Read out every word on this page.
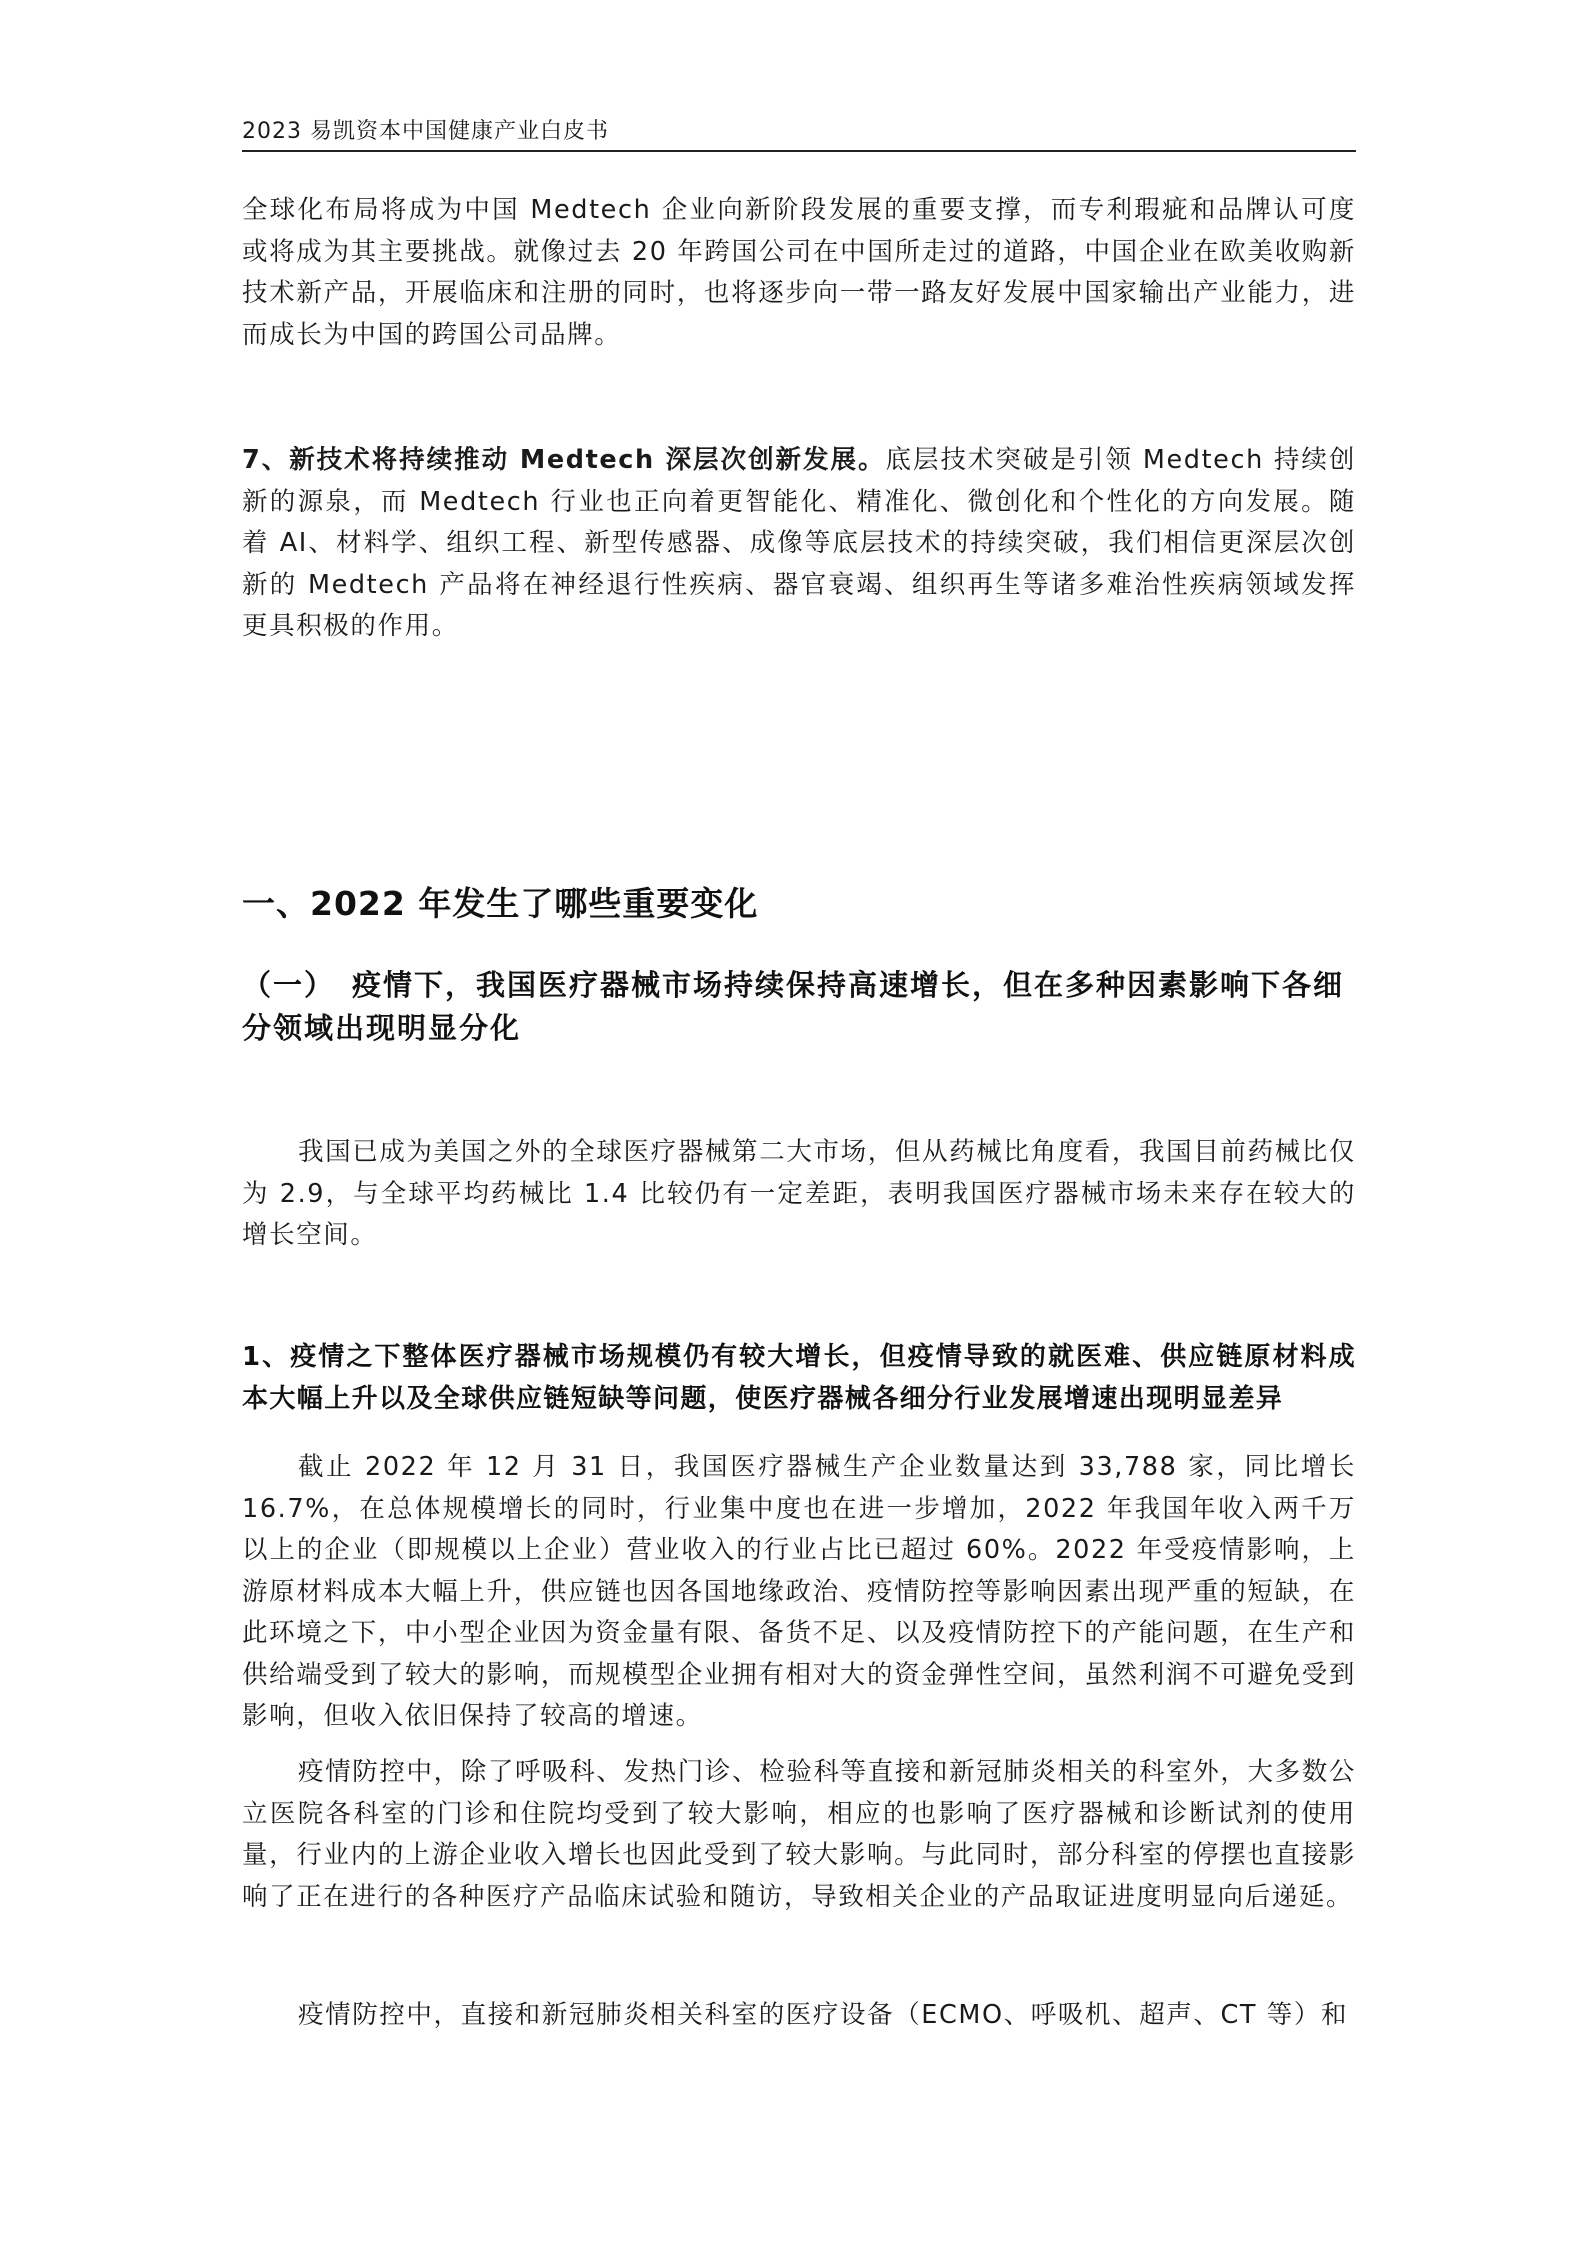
2023 易凯资本中国健康产业白皮书

全球化布局将成为中国 Medtech 企业向新阶段发展的重要支撑，而专利瑕疵和品牌认可度或将成为其主要挑战。就像过去 20 年跨国公司在中国所走过的道路，中国企业在欧美收购新技术新产品，开展临床和注册的同时，也将逐步向一带一路友好发展中国家输出产业能力，进而成长为中国的跨国公司品牌。

7、新技术将持续推动 Medtech 深层次创新发展。底层技术突破是引领 Medtech 持续创新的源泉，而 Medtech 行业也正向着更智能化、精准化、微创化和个性化的方向发展。随着 AI、材料学、组织工程、新型传感器、成像等底层技术的持续突破，我们相信更深层次创新的 Medtech 产品将在神经退行性疾病、器官衰竭、组织再生等诸多难治性疾病领域发挥更具积极的作用。

一、2022 年发生了哪些重要变化
（一） 疫情下，我国医疗器械市场持续保持高速增长，但在多种因素影响下各细分领域出现明显分化

我国已成为美国之外的全球医疗器械第二大市场，但从药械比角度看，我国目前药械比仅为 2.9，与全球平均药械比 1.4 比较仍有一定差距，表明我国医疗器械市场未来存在较大的增长空间。

1、疫情之下整体医疗器械市场规模仍有较大增长，但疫情导致的就医难、供应链原材料成本大幅上升以及全球供应链短缺等问题，使医疗器械各细分行业发展增速出现明显差异

截止 2022 年 12 月 31 日，我国医疗器械生产企业数量达到 33,788 家，同比增长 16.7%，在总体规模增长的同时，行业集中度也在进一步增加，2022 年我国年收入两千万以上的企业（即规模以上企业）营业收入的行业占比已超过 60%。2022 年受疫情影响，上游原材料成本大幅上升，供应链也因各国地缘政治、疫情防控等影响因素出现严重的短缺，在此环境之下，中小型企业因为资金量有限、备货不足、以及疫情防控下的产能问题，在生产和供给端受到了较大的影响，而规模型企业拥有相对大的资金弹性空间，虽然利润不可避免受到影响，但收入依旧保持了较高的增速。

疫情防控中，除了呼吸科、发热门诊、检验科等直接和新冠肺炎相关的科室外，大多数公立医院各科室的门诊和住院均受到了较大影响，相应的也影响了医疗器械和诊断试剂的使用量，行业内的上游企业收入增长也因此受到了较大影响。与此同时，部分科室的停摆也直接影响了正在进行的各种医疗产品临床试验和随访，导致相关企业的产品取证进度明显向后递延。

疫情防控中，直接和新冠肺炎相关科室的医疗设备（ECMO、呼吸机、超声、CT 等）和
